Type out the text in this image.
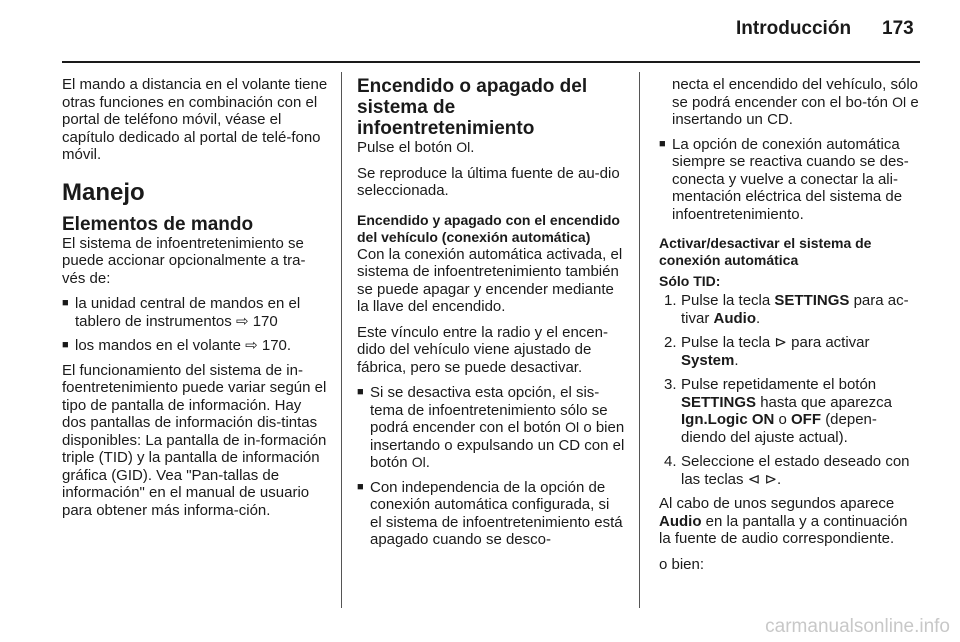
Introducción 173

El mando a distancia en el volante tiene otras funciones en combinación con el portal de teléfono móvil, véase el capítulo dedicado al portal de telé-fono móvil.

Manejo
Elementos de mando

El sistema de infoentretenimiento se puede accionar opcionalmente a tra-vés de:

■ la unidad central de mandos en el tablero de instrumentos ⇨ 170
■ los mandos en el volante ⇨ 170.

El funcionamiento del sistema de in-foentretenimiento puede variar según el tipo de pantalla de información. Hay dos pantallas de información dis-tintas disponibles: La pantalla de in-formación triple (TID) y la pantalla de información gráfica (GID). Vea "Pan-tallas de información" en el manual de usuario para obtener más informa-ción.

Encendido o apagado del sistema de infoentretenimiento

Pulse el botón Ol.

Se reproduce la última fuente de au-dio seleccionada.

Encendido y apagado con el encendido del vehículo (conexión automática)

Con la conexión automática activada, el sistema de infoentretenimiento también se puede apagar y encender mediante la llave del encendido.

Este vínculo entre la radio y el encen-dido del vehículo viene ajustado de fábrica, pero se puede desactivar.

■ Si se desactiva esta opción, el sis-tema de infoentretenimiento sólo se podrá encender con el botón Ol o bien insertando o expulsando un CD con el botón Ol.
■ Con independencia de la opción de conexión automática configurada, si el sistema de infoentretenimiento está apagado cuando se desco-
necta el encendido del vehículo, sólo se podrá encender con el bo-tón Ol e insertando un CD.
■ La opción de conexión automática siempre se reactiva cuando se des-conecta y vuelve a conectar la ali-mentación eléctrica del sistema de infoentretenimiento.
Activar/desactivar el sistema de conexión automática
Sólo TID:
1. Pulse la tecla SETTINGS para ac-tivar Audio.
2. Pulse la tecla ⊳ para activar System.
3. Pulse repetidamente el botón SETTINGS hasta que aparezca Ign.Logic ON o OFF (depen-diendo del ajuste actual).
4. Seleccione el estado deseado con las teclas ⊲ ⊳.

Al cabo de unos segundos aparece Audio en la pantalla y a continuación la fuente de audio correspondiente.

o bien:

carmanualsonline.info
